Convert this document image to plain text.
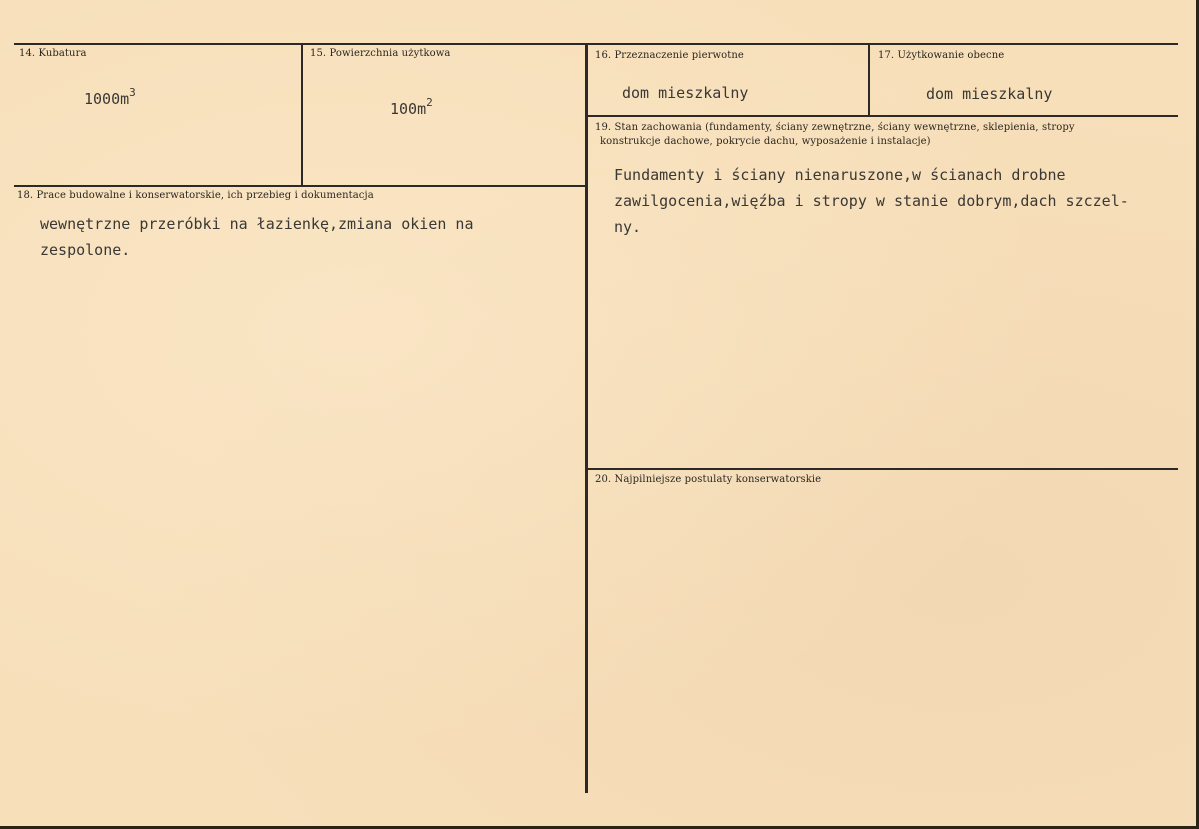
14. Kubatura
$1000m^3$
15. Powierzchnia użytkowa
$100m^2$
16. Przeznaczenie pierwotne
dom mieszkalny
17. Użytkowanie obecne
dom mieszkalny
18. Prace budowalne i konserwatorskie, ich przebieg i dokumentacja
wewnętrzne przeróbki na łazienkę,zmiana okien na
zespolone.
19. Stan zachowania (fundamenty, ściany zewnętrzne, ściany wewnętrzne, sklepienia, stropy
konstrukcje dachowe, pokrycie dachu, wyposażenie i instalacje)
Fundamenty i ściany nienaruszone,w ścianach drobne
zawilgocenia,więźba i stropy w stanie dobrym,dach szczel-
ny.
20. Najpilniejsze postulaty konserwatorskie
